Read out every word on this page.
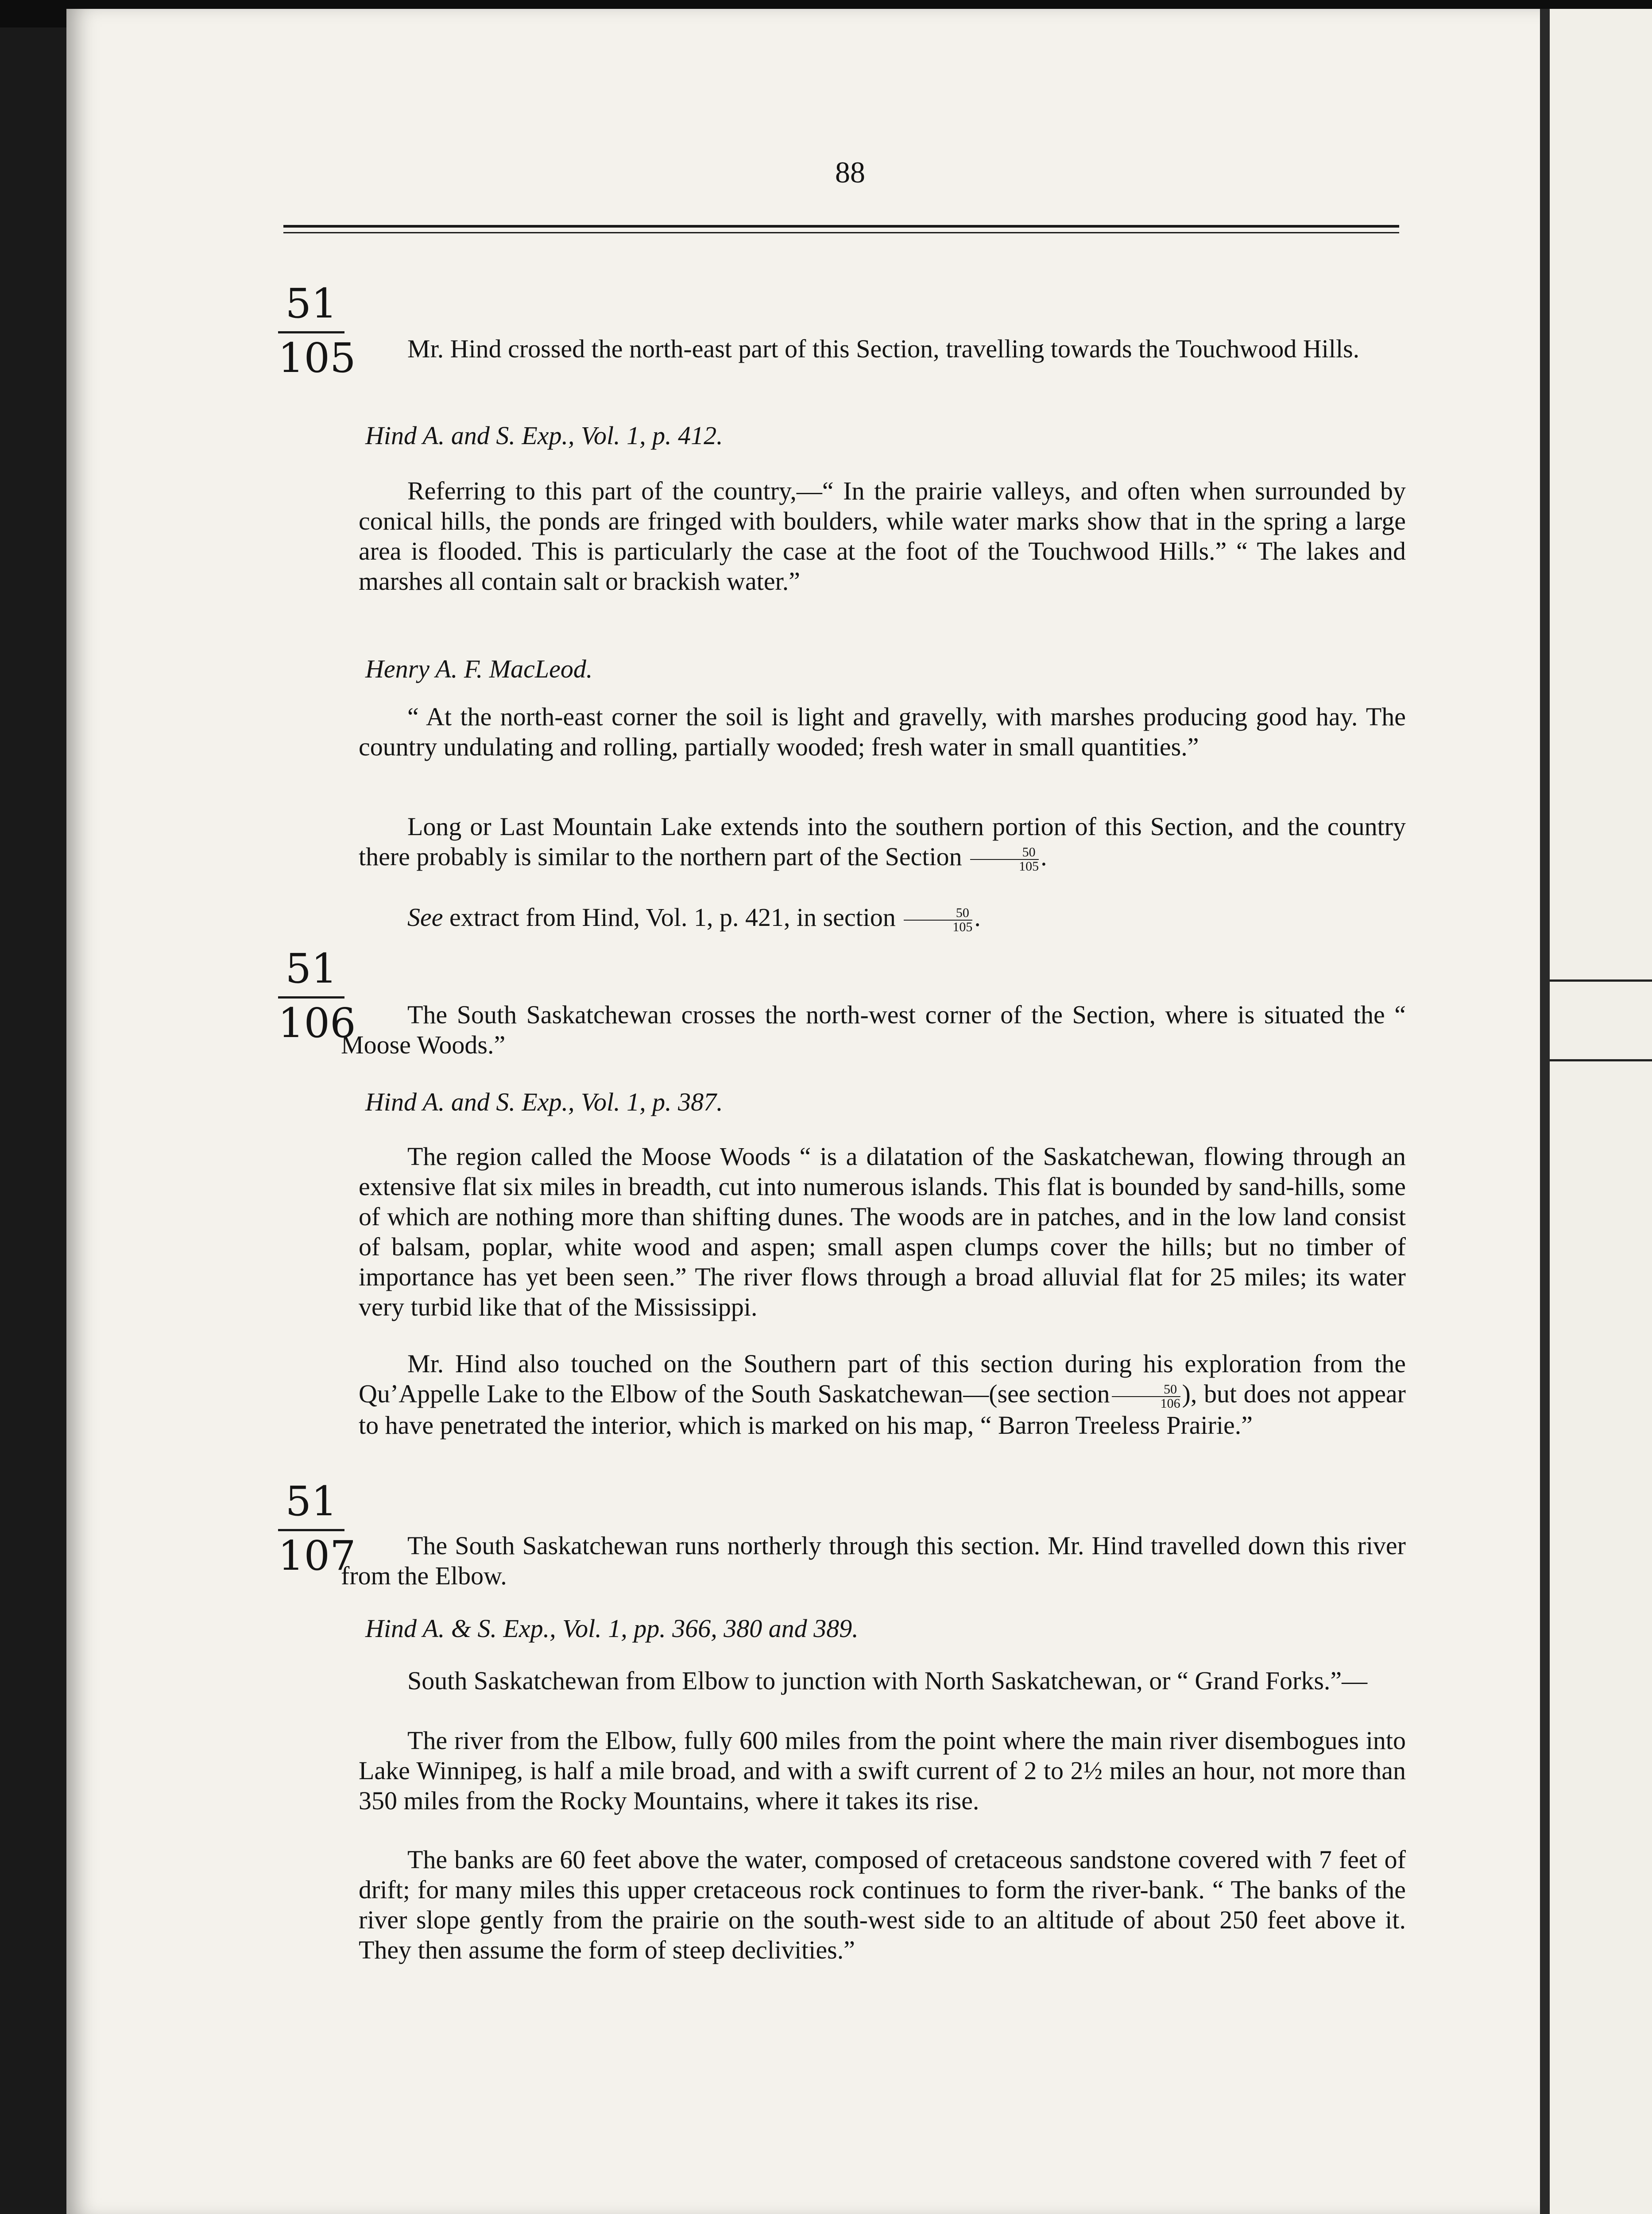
88
$\frac{51}{105}$	Mr. Hind crossed the north-east part of this Section, travelling towards the Touchwood Hills.
Hind A. and S. Exp., Vol. 1, p. 412.
Referring to this part of the country,—“ In the prairie valleys, and often when surrounded by conical hills, the ponds are fringed with boulders, while water marks show that in the spring a large area is flooded. This is particularly the case at the foot of the Touchwood Hills.” “ The lakes and marshes all contain salt or brackish water.”
Henry A. F. MacLeod.
“ At the north-east corner the soil is light and gravelly, with marshes producing good hay. The country undulating and rolling, partially wooded; fresh water in small quantities.”
Long or Last Mountain Lake extends into the southern portion of this Section, and the country there probably is similar to the northern part of the Section $\frac{50}{105}$ .
See extract from Hind, Vol. 1, p. 421, in section $\frac{50}{105}$ .
$\frac{51}{106}$	The South Saskatchewan crosses the north-west corner of the Section, where is situated the “ Moose Woods.”
Hind A. and S. Exp., Vol. 1, p. 387.
The region called the Moose Woods “ is a dilatation of the Saskatchewan, flowing through an extensive flat six miles in breadth, cut into numerous islands. This flat is bounded by sand-hills, some of which are nothing more than shifting dunes. The woods are in patches, and in the low land consist of balsam, poplar, white wood and aspen; small aspen clumps cover the hills; but no timber of importance has yet been seen.” The river flows through a broad alluvial flat for 25 miles; its water very turbid like that of the Mississippi.
Mr. Hind also touched on the Southern part of this section during his exploration from the Qu’Appelle Lake to the Elbow of the South Saskatchewan—(see section $\frac{50}{106}$ ), but does not appear to have penetrated the interior, which is marked on his map, “ Barron Treeless Prairie.”
$\frac{51}{107}$	The South Saskatchewan runs northerly through this section. Mr. Hind travelled down this river from the Elbow.
Hind A. & S. Exp., Vol. 1, pp. 366, 380 and 389.
South Saskatchewan from Elbow to junction with North Saskatchewan, or “ Grand Forks.”—
The river from the Elbow, fully 600 miles from the point where the main river disembogues into Lake Winnipeg, is half a mile broad, and with a swift current of 2 to 2½ miles an hour, not more than 350 miles from the Rocky Mountains, where it takes its rise.
The banks are 60 feet above the water, composed of cretaceous sandstone covered with 7 feet of drift; for many miles this upper cretaceous rock continues to form the river-bank. “ The banks of the river slope gently from the prairie on the south-west side to an altitude of about 250 feet above it. They then assume the form of steep declivities.”
